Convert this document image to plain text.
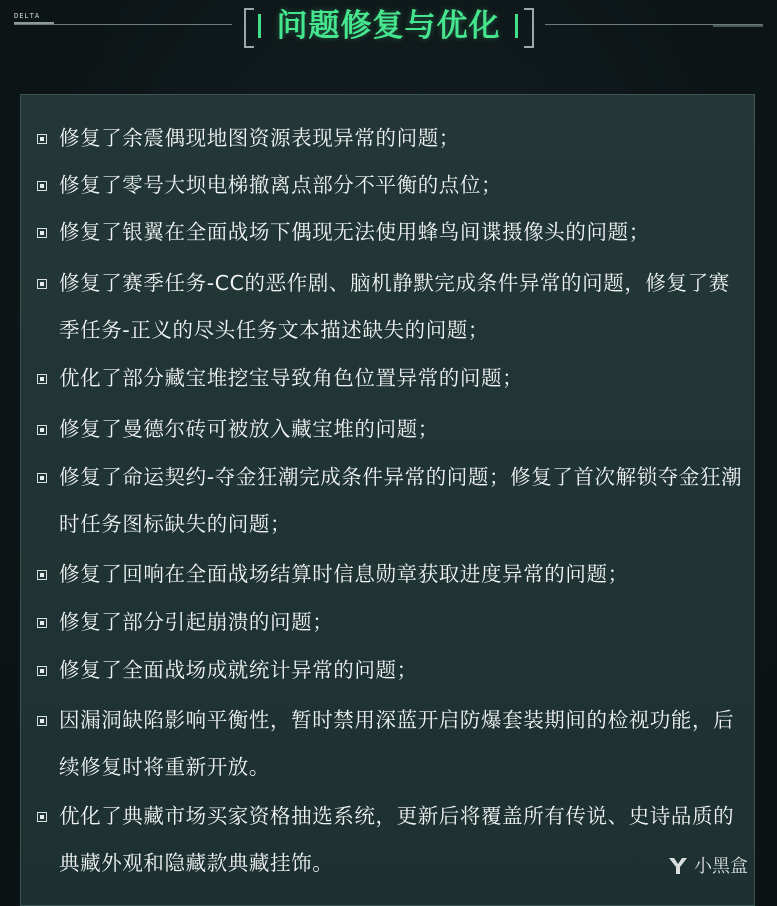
DELTA	问题修复与优化
修复了余震偶现地图资源表现异常的问题；
修复了零号大坝电梯撤离点部分不平衡的点位；
修复了银翼在全面战场下偶现无法使用蜂鸟间谍摄像头的问题；
修复了赛季任务-CC的恶作剧、脑机静默完成条件异常的问题，修复了赛季任务-正义的尽头任务文本描述缺失的问题；
优化了部分藏宝堆挖宝导致角色位置异常的问题；
修复了曼德尔砖可被放入藏宝堆的问题；
修复了命运契约-夺金狂潮完成条件异常的问题；修复了首次解锁夺金狂潮时任务图标缺失的问题；
修复了回响在全面战场结算时信息勋章获取进度异常的问题；
修复了部分引起崩溃的问题；
修复了全面战场成就统计异常的问题；
因漏洞缺陷影响平衡性，暂时禁用深蓝开启防爆套装期间的检视功能，后续修复时将重新开放。
优化了典藏市场买家资格抽选系统，更新后将覆盖所有传说、史诗品质的典藏外观和隐藏款典藏挂饰。	小黑盒
